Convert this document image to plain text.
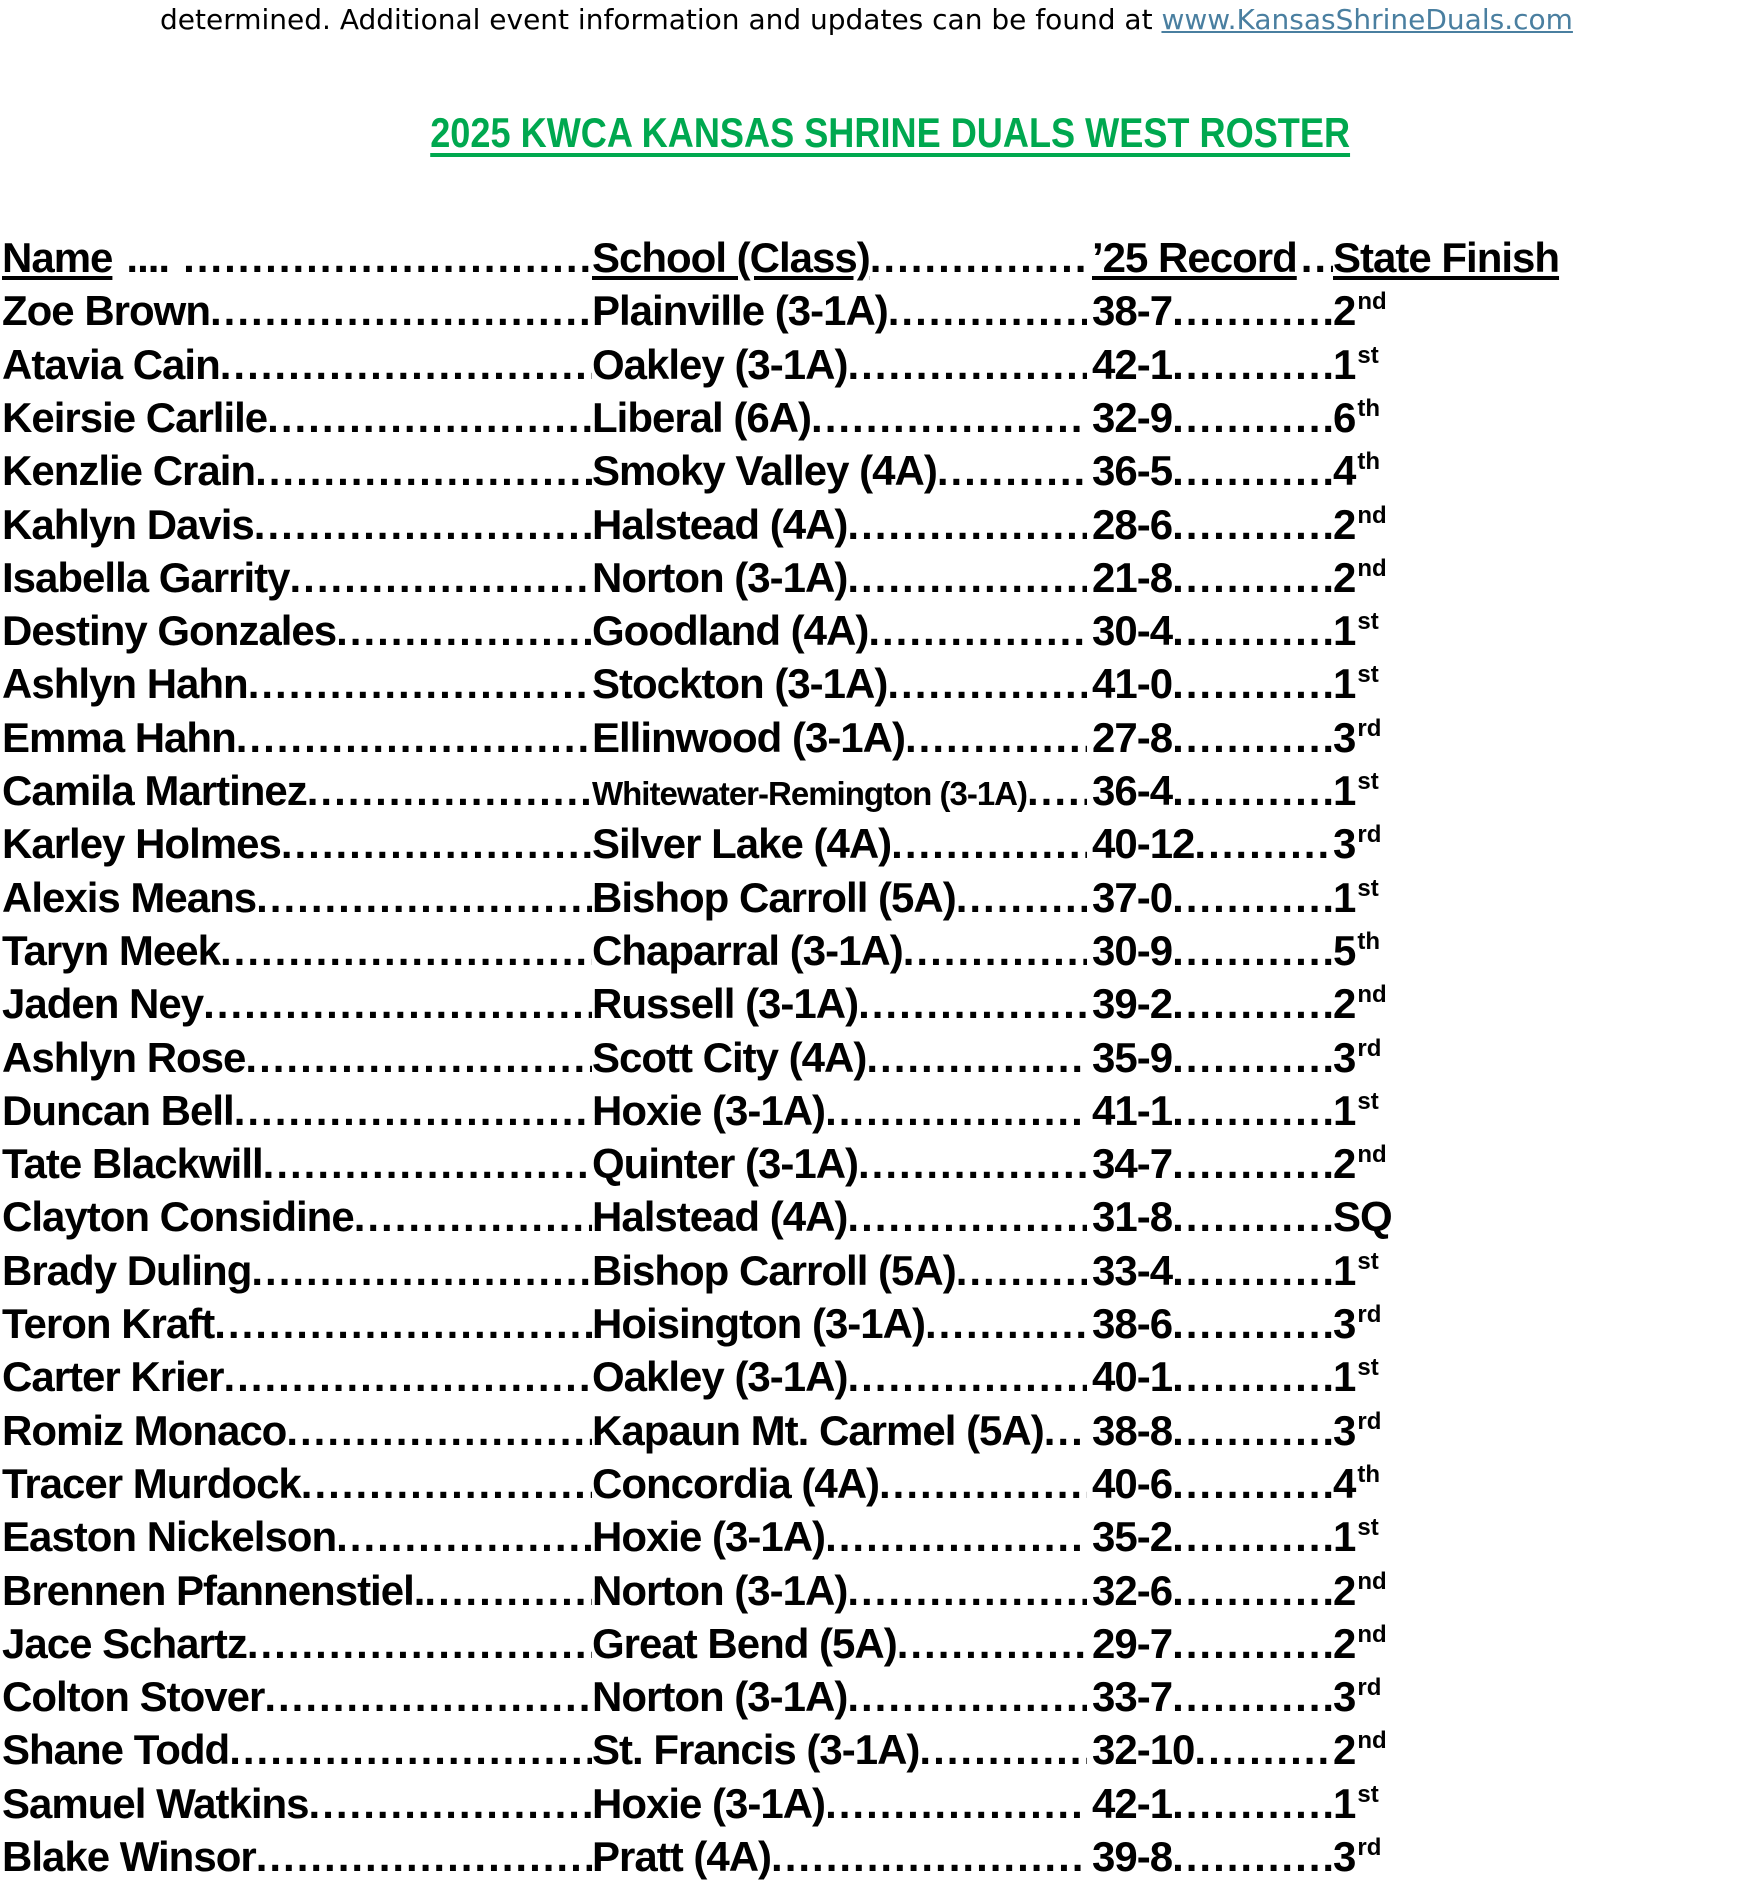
determined. Additional event information and updates can be found at www.KansasShrineDuals.com
2025 KWCA KANSAS SHRINE DUALS WEST ROSTER
Name .... .....	School (Class) .....	’25 Record ..... State Finish
Zoe Brown .....	Plainville (3-1A) .....	38-7 .....	2 nd
Atavia Cain .....	Oakley (3-1A) .....	42-1 .....	1 st
Keirsie Carlile .....	Liberal (6A) .....	32-9 .....	6 th
Kenzlie Crain .....	Smoky Valley (4A) .....	36-5 .....	4 th
Kahlyn Davis .....	Halstead (4A) .....	28-6 .....	2 nd
Isabella Garrity .....	Norton (3-1A) .....	21-8 .....	2 nd
Destiny Gonzales .....	Goodland (4A) .....	30-4 .....	1 st
Ashlyn Hahn .....	Stockton (3-1A) .....	41-0 .....	1 st
Emma Hahn .....	Ellinwood (3-1A) .....	27-8 .....	3 rd
Camila Martinez .....	Whitewater-Remington (3-1A) ..... 36-4 .....	1 st
Karley Holmes .....	Silver Lake (4A) .....	40-12 .....	3 rd
Alexis Means .....	Bishop Carroll (5A) .....	37-0 .....	1 st
Taryn Meek .....	Chaparral (3-1A) .....	30-9 .....	5 th
Jaden Ney .....	Russell (3-1A) .....	39-2 .....	2 nd
Ashlyn Rose .....	Scott City (4A) .....	35-9 .....	3 rd
Duncan Bell .....	Hoxie (3-1A) .....	41-1 .....	1 st
Tate Blackwill .....	Quinter (3-1A) .....	34-7 .....	2 nd
Clayton Considine .....	Halstead (4A) .....	31-8 .....	SQ
Brady Duling .....	Bishop Carroll (5A) .....	33-4 .....	1 st
Teron Kraft .....	Hoisington (3-1A) .....	38-6 .....	3 rd
Carter Krier .....	Oakley (3-1A) .....	40-1 .....	1 st
Romiz Monaco .....	Kapaun Mt. Carmel (5A) ..... 38-8 .....	3 rd
Tracer Murdock .....	Concordia (4A) .....	40-6 .....	4 th
Easton Nickelson .....	Hoxie (3-1A) .....	35-2 .....	1 st
Brennen Pfannenstiel. .....	Norton (3-1A) .....	32-6 .....	2 nd
Jace Schartz .....	Great Bend (5A) .....	29-7 .....	2 nd
Colton Stover .....	Norton (3-1A) .....	33-7 .....	3 rd
Shane Todd .....	St. Francis (3-1A) .....	32-10 .....	2 nd
Samuel Watkins .....	Hoxie (3-1A) .....	42-1 .....	1 st
Blake Winsor .....	Pratt (4A) .....	39-8 .....	3 rd
